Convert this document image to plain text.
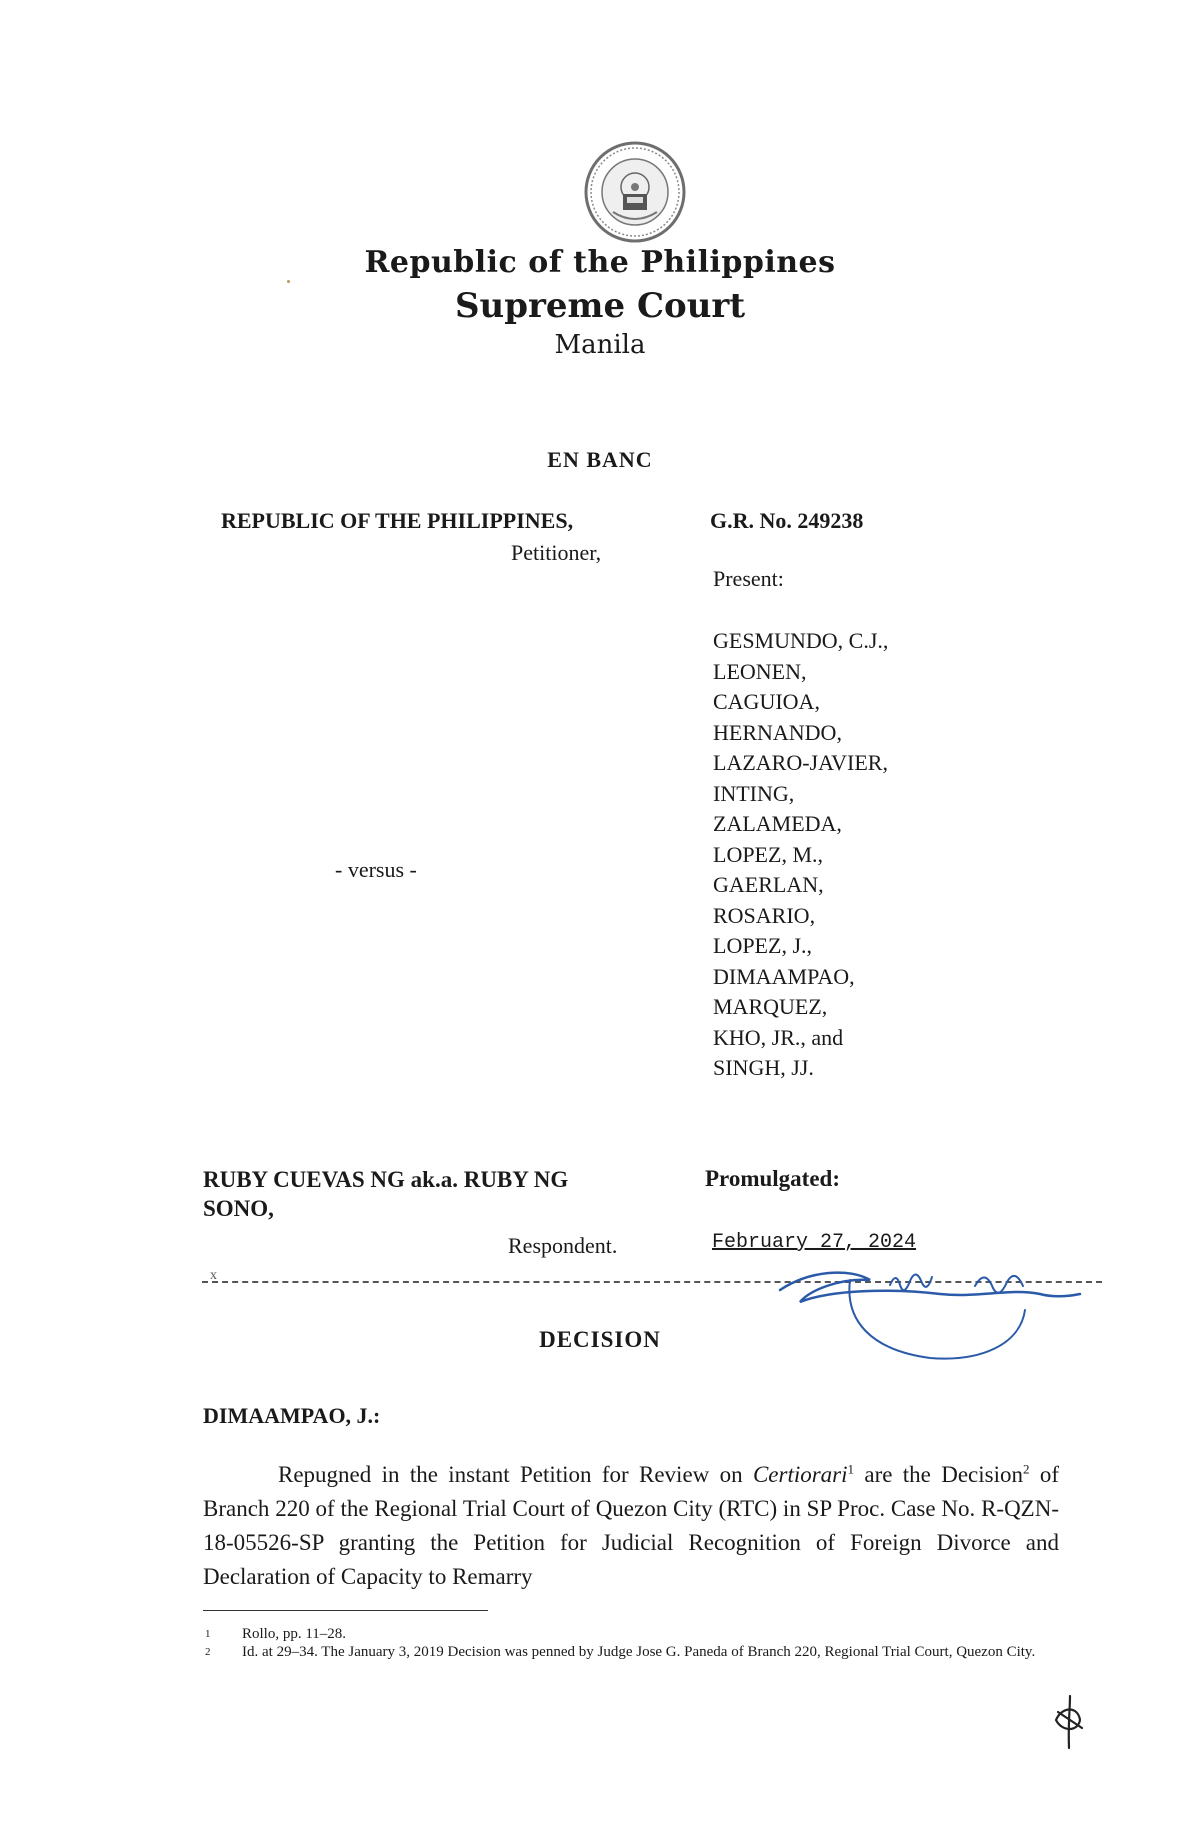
Republic of the Philippines
Supreme Court
Manila
EN BANC
REPUBLIC OF THE PHILIPPINES,
Petitioner,
G.R. No. 249238
Present:
GESMUNDO, C.J.,
LEONEN,
CAGUIOA,
HERNANDO,
LAZARO-JAVIER,
INTING,
ZALAMEDA,
LOPEZ, M.,
GAERLAN,
ROSARIO,
LOPEZ, J.,
DIMAAMPAO,
MARQUEZ,
KHO, JR., and
SINGH, JJ.
- versus -
RUBY CUEVAS NG ak.a. RUBY NG SONO,
Respondent.
Promulgated:
February 27, 2024
x
DECISION
DIMAAMPAO, J.:

Repugned in the instant Petition for Review on Certiorari$^1$ are the Decision$^2$ of Branch 220 of the Regional Trial Court of Quezon City (RTC) in SP Proc. Case No. R-QZN-18-05526-SP granting the Petition for Judicial Recognition of Foreign Divorce and Declaration of Capacity to Remarry

1 Rollo, pp. 11–28.
2 Id. at 29–34. The January 3, 2019 Decision was penned by Judge Jose G. Paneda of Branch 220, Regional Trial Court, Quezon City.
